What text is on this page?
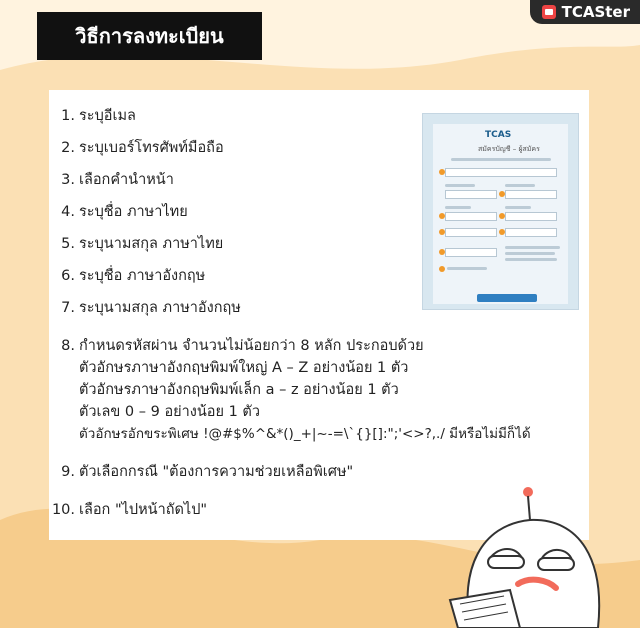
วิธีการลงทะเบียน
TCASter
1. ระบุอีเมล
2. ระบุเบอร์โทรศัพท์มือถือ
3. เลือกคำนำหน้า
4. ระบุชื่อ ภาษาไทย
5. ระบุนามสกุล ภาษาไทย
6. ระบุชื่อ ภาษาอังกฤษ
7. ระบุนามสกุล ภาษาอังกฤษ
8. กำหนดรหัสผ่าน จำนวนไม่น้อยกว่า 8 หลัก ประกอบด้วย
ตัวอักษรภาษาอังกฤษพิมพ์ใหญ่ A – Z อย่างน้อย 1 ตัว
ตัวอักษรภาษาอังกฤษพิมพ์เล็ก a – z อย่างน้อย 1 ตัว
ตัวเลข 0 – 9 อย่างน้อย 1 ตัว
ตัวอักษรอักขระพิเศษ !@#$%^&*()_+|~-=\`{}[]:";'<>?,./ มีหรือไม่มีก็ได้
9. ตัวเลือกกรณี "ต้องการความช่วยเหลือพิเศษ"
10. เลือก "ไปหน้าถัดไป"
TCAS
สมัครบัญชี – ผู้สมัคร
